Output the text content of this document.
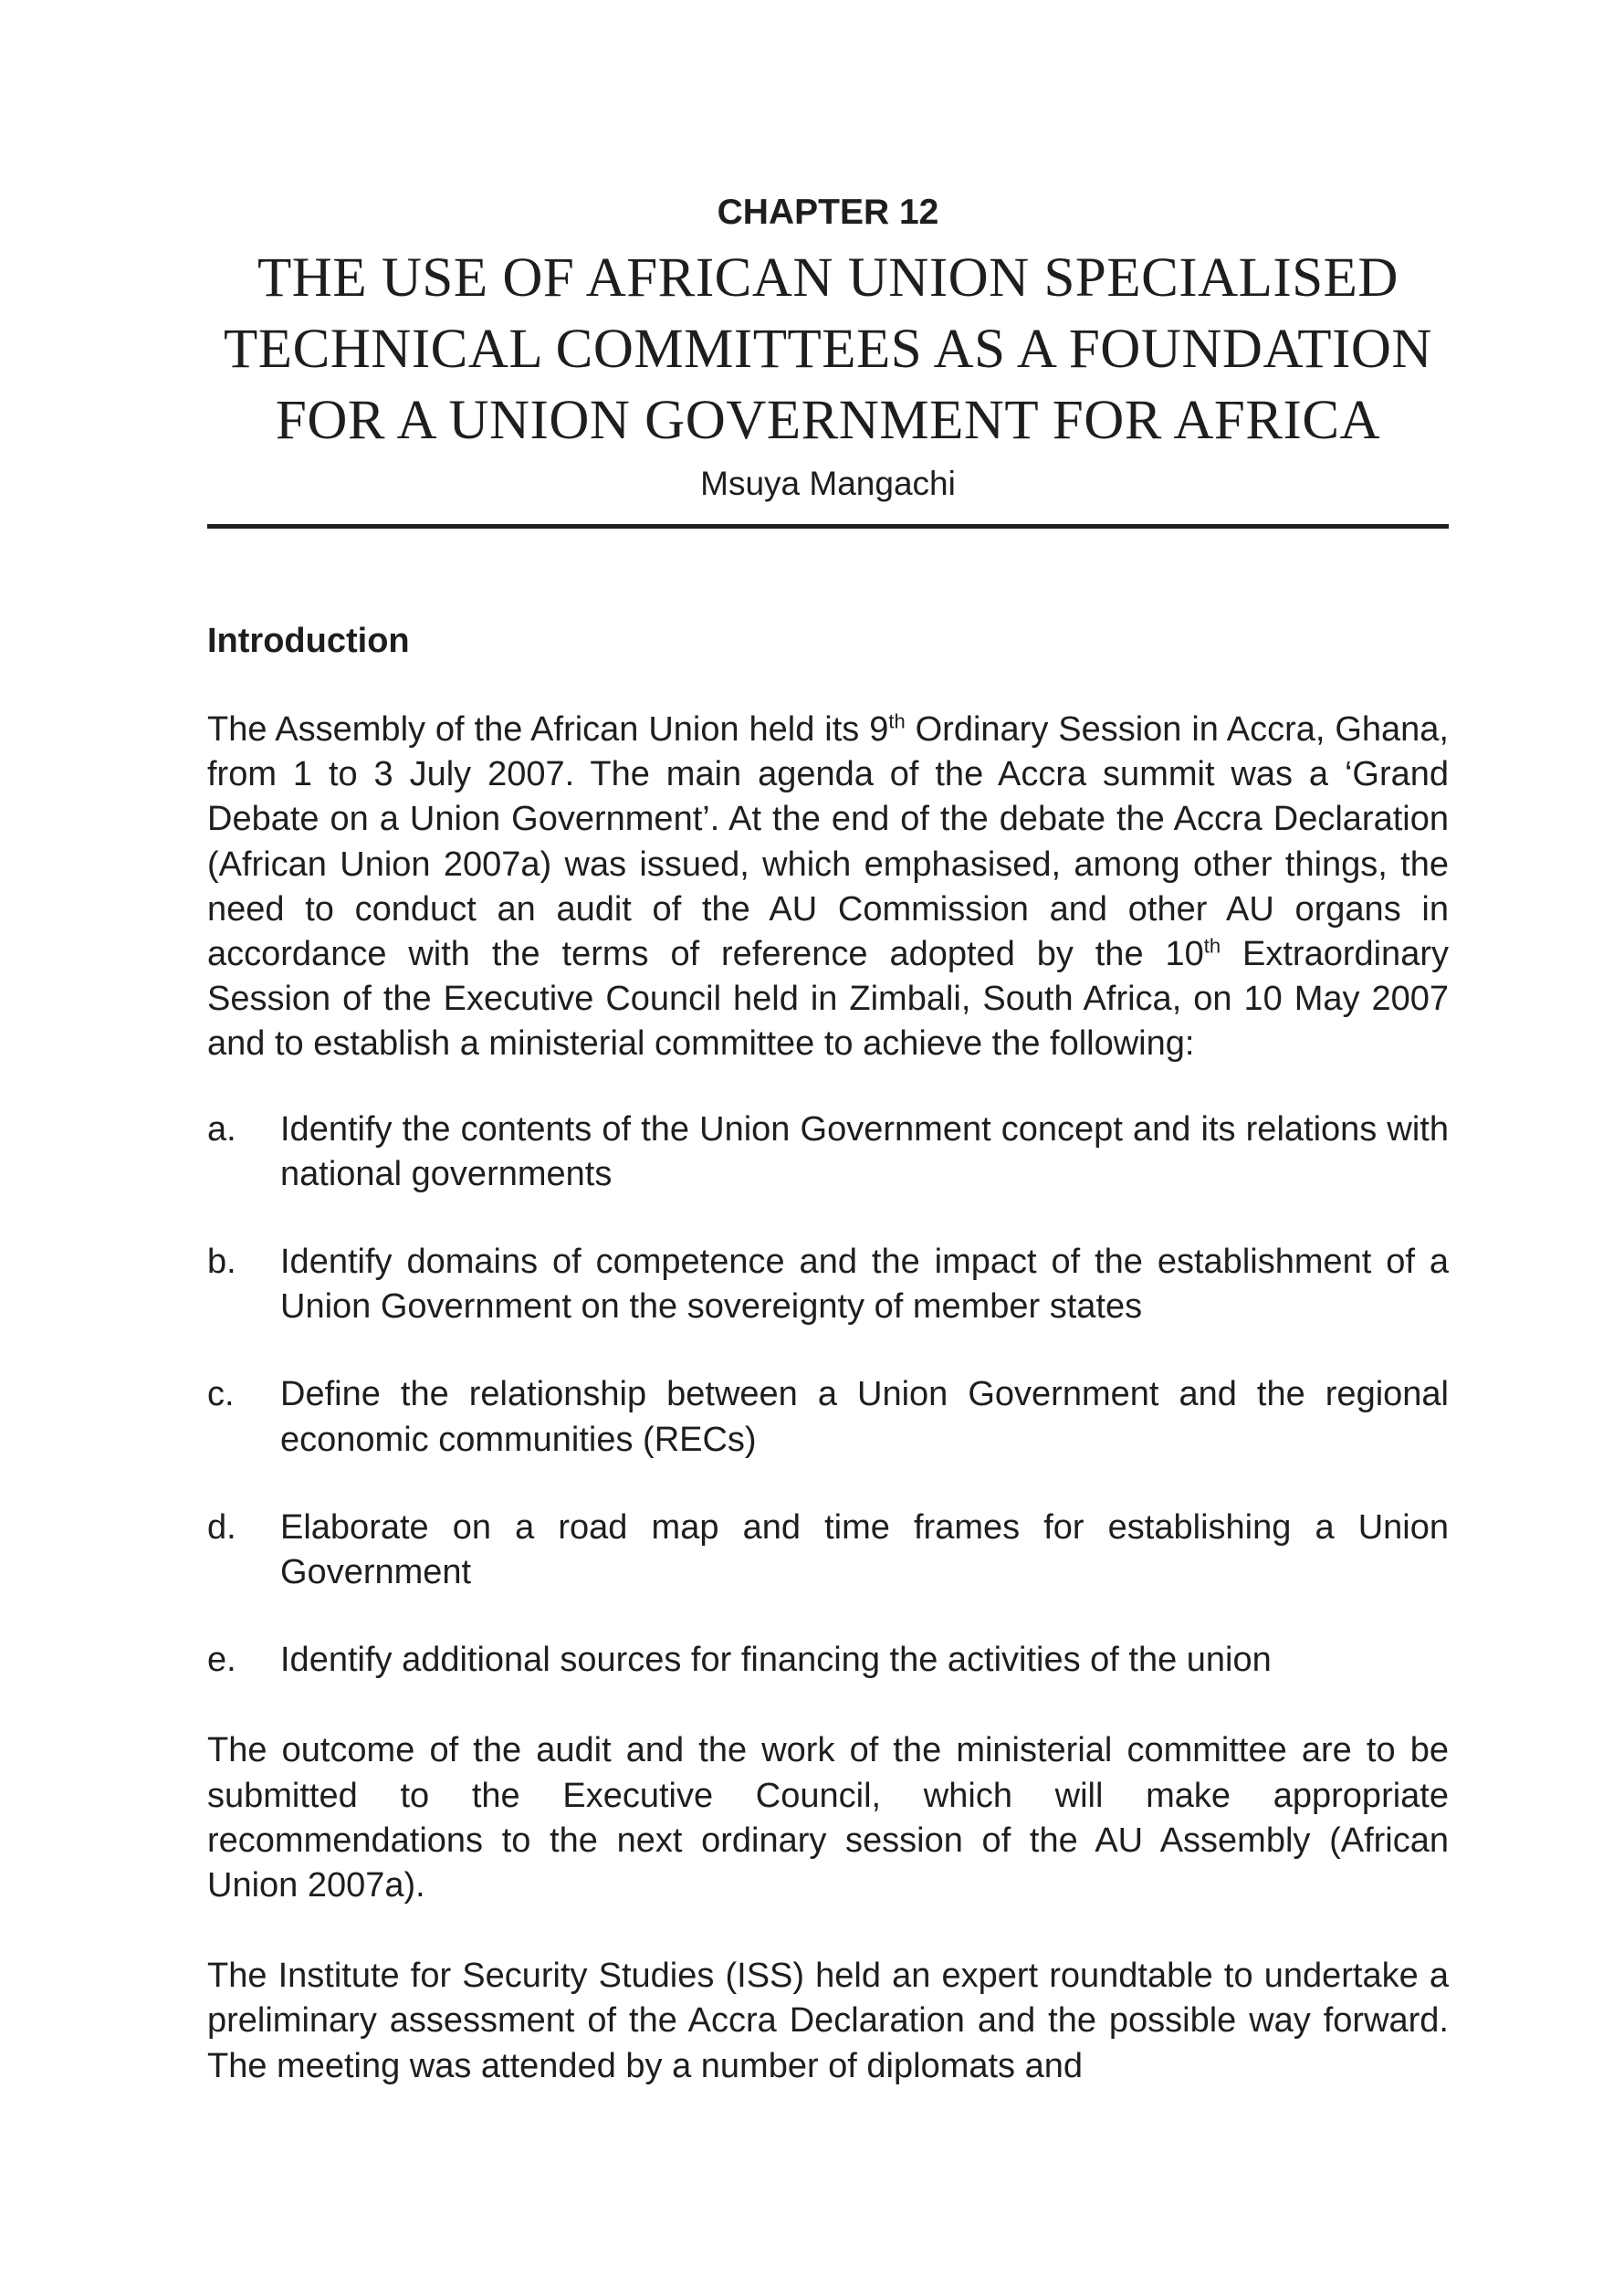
CHAPTER 12
THE USE OF AFRICAN UNION SPECIALISED
TECHNICAL COMMITTEES AS A FOUNDATION
FOR A UNION GOVERNMENT FOR AFRICA

Msuya Mangachi

Introduction

The Assembly of the African Union held its 9th Ordinary Session in Accra, Ghana, from 1 to 3 July 2007. The main agenda of the Accra summit was a ‘Grand Debate on a Union Government’. At the end of the debate the Accra Declaration (African Union 2007a) was issued, which emphasised, among other things, the need to conduct an audit of the AU Commission and other AU organs in accordance with the terms of reference adopted by the 10th Extraordinary Session of the Executive Council held in Zimbali, South Africa, on 10 May 2007 and to establish a ministerial committee to achieve the following:

a.	Identify the contents of the Union Government concept and its relations with national governments
b.	Identify domains of competence and the impact of the establishment of a Union Government on the sovereignty of member states
c.	Define the relationship between a Union Government and the regional economic communities (RECs)
d.	Elaborate on a road map and time frames for establishing a Union Government
e.	Identify additional sources for financing the activities of the union

The outcome of the audit and the work of the ministerial committee are to be submitted to the Executive Council, which will make appropriate recommendations to the next ordinary session of the AU Assembly (African Union 2007a).

The Institute for Security Studies (ISS) held an expert roundtable to undertake a preliminary assessment of the Accra Declaration and the possible way forward. The meeting was attended by a number of diplomats and
